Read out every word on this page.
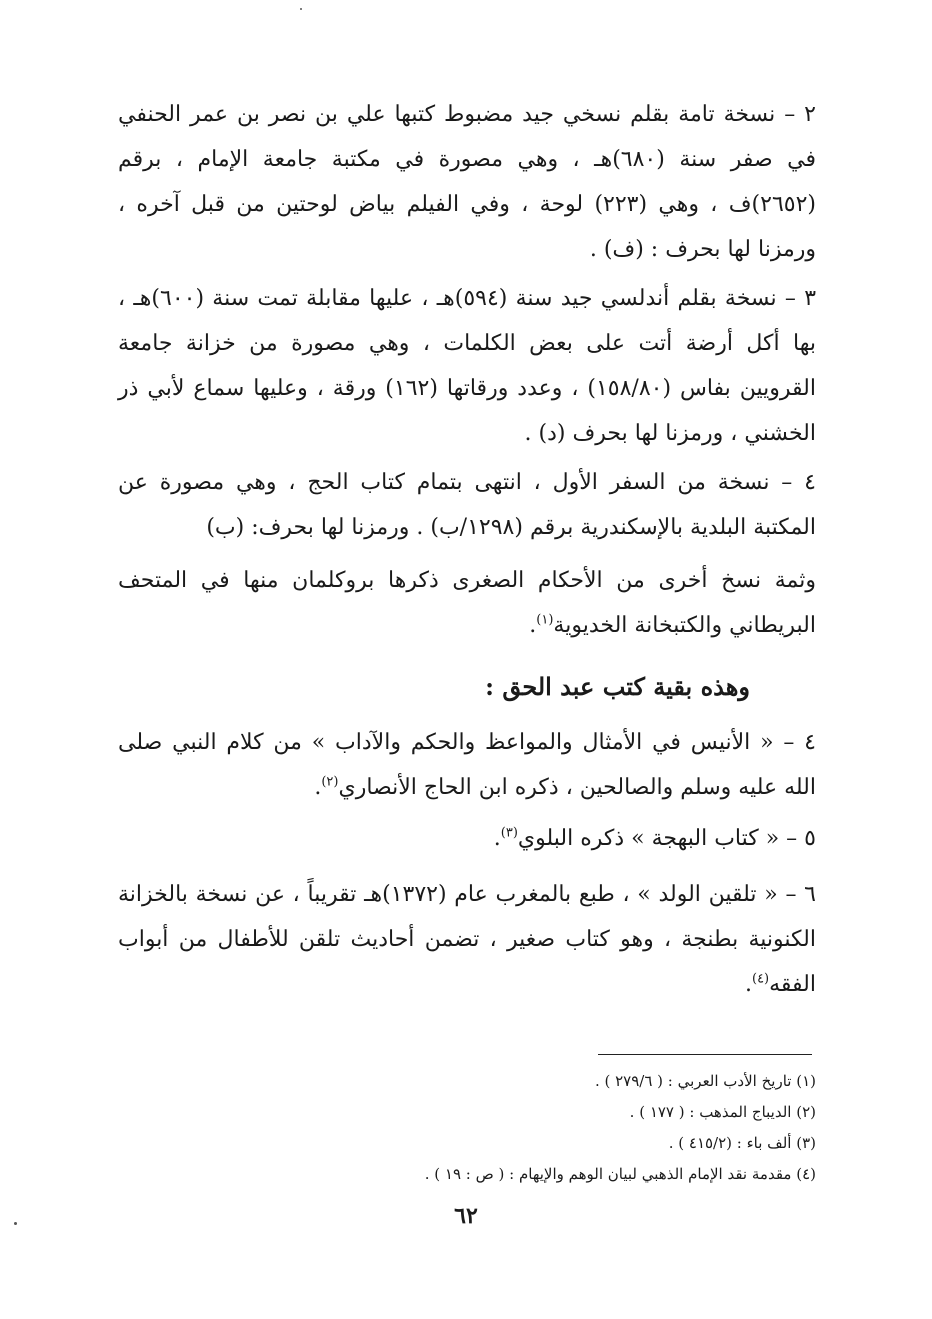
٢ – نسخة تامة بقلم نسخي جيد مضبوط كتبها علي بن نصر بن عمر الحنفي في صفر سنة (٦٨٠)هـ ، وهي مصورة في مكتبة جامعة الإمام ، برقم (٢٦٥٢)ف ، وهي (٢٢٣) لوحة ، وفي الفيلم بياض لوحتين من قبل آخره ، ورمزنا لها بحرف : (ف) .

٣ – نسخة بقلم أندلسي جيد سنة (٥٩٤)هـ ، عليها مقابلة تمت سنة (٦٠٠)هـ ، بها أكل أرضة أتت على بعض الكلمات ، وهي مصورة من خزانة جامعة القرويين بفاس (١٥٨/٨٠) ، وعدد ورقاتها (١٦٢) ورقة ، وعليها سماع لأبي ذر الخشني ، ورمزنا لها بحرف (د) .

٤ – نسخة من السفر الأول ، انتهى بتمام كتاب الحج ، وهي مصورة عن المكتبة البلدية بالإسكندرية برقم (١٢٩٨/ب) . ورمزنا لها بحرف: (ب)

وثمة نسخ أخرى من الأحكام الصغرى ذكرها بروكلمان منها في المتحف البريطاني والكتبخانة الخديوية$^{(١)}$.

وهذه بقية كتب عبد الحق :

٤ – « الأنيس في الأمثال والمواعظ والحكم والآداب » من كلام النبي صلى الله عليه وسلم والصالحين ، ذكره ابن الحاج الأنصاري$^{(٢)}$.

٥ – « كتاب البهجة » ذكره البلوي$^{(٣)}$.

٦ – « تلقين الولد » ، طبع بالمغرب عام (١٣٧٢)هـ تقريباً ، عن نسخة بالخزانة الكنونية بطنجة ، وهو كتاب صغير ، تضمن أحاديث تلقن للأطفال من أبواب الفقه$^{(٤)}$.

(١) تاريخ الأدب العربي : ( ٢٧٩/٦ ) .
(٢) الديباج المذهب : ( ١٧٧ ) .
(٣) ألف باء : (٤١٥/٢ ) .
(٤) مقدمة نقد الإمام الذهبي لبيان الوهم والإيهام : ( ص : ١٩ ) .
٦٢
